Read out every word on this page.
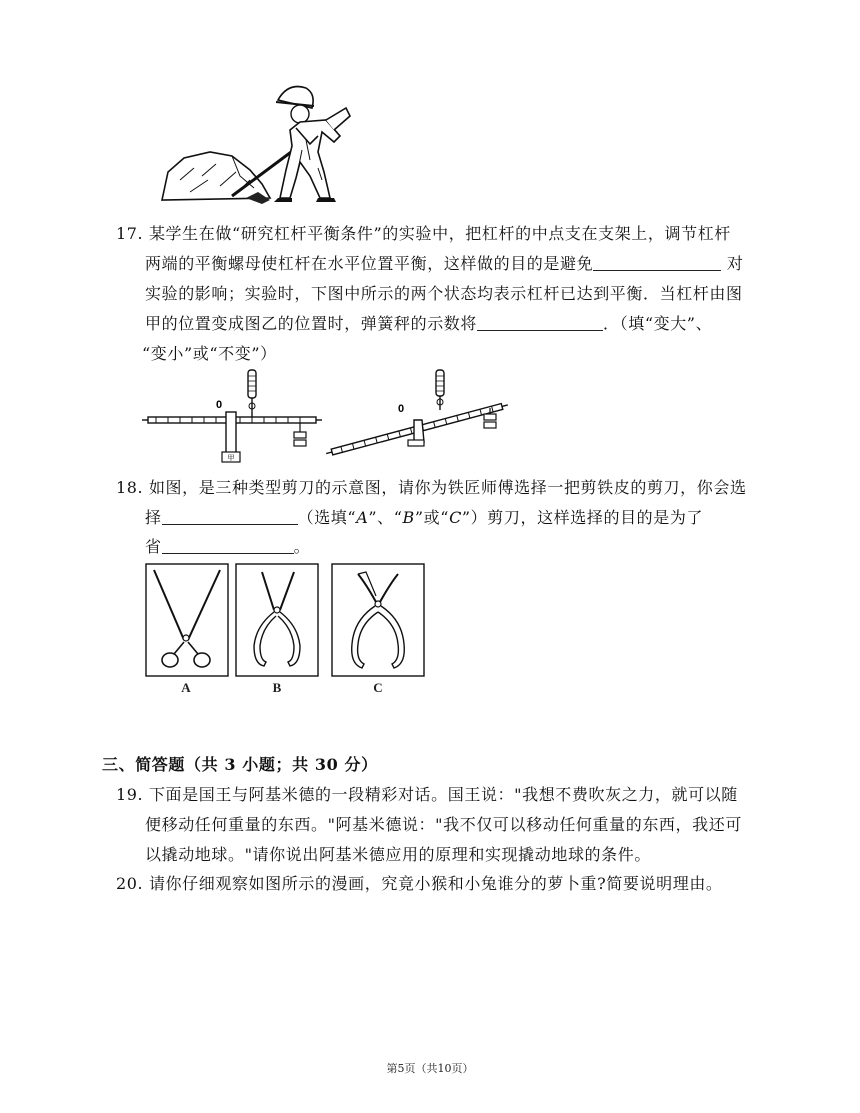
17. 某学生在做“研究杠杆平衡条件”的实验中，把杠杆的中点支在支架上，调节杠杆
两端的平衡螺母使杠杆在水平位置平衡，这样做的目的是避免	对
实验的影响；实验时，下图中所示的两个状态均表示杠杆已达到平衡．当杠杆由图
甲的位置变成图乙的位置时，弹簧秤的示数将	．（填“变大”、
“变小”或“不变”）
甲
0	0
18. 如图，是三种类型剪刀的示意图，请你为铁匠师傅选择一把剪铁皮的剪刀，你会选
择	（选填“A”、“B”或“C”）剪刀，这样选择的目的是为了
省	。
A	B	C
三、简答题（共 3 小题；共 30 分）
19. 下面是国王与阿基米德的一段精彩对话。国王说："我想不费吹灰之力，就可以随
便移动任何重量的东西。"阿基米德说："我不仅可以移动任何重量的东西，我还可
以撬动地球。"请你说出阿基米德应用的原理和实现撬动地球的条件。
20. 请你仔细观察如图所示的漫画，究竟小猴和小兔谁分的萝卜重?简要说明理由。
第5页（共10页）
